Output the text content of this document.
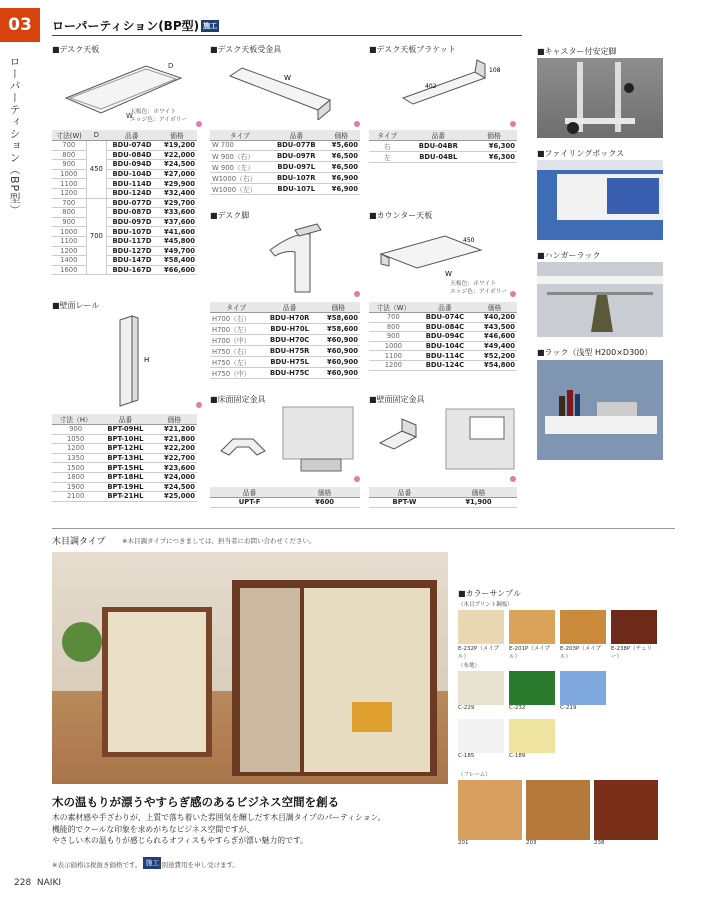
03
ローパーティション（BP型）
ローパーティション(BP型) 施工
■デスク天板
W
D
天板色：ホワイト
エッジ色：アイボリー
寸法(W)	D	品番	価格
700	450	BDU-074D	¥19,200
800		BDU-084D	¥22,000
900		BDU-094D	¥24,500
1000		BDU-104D	¥27,000
1100		BDU-114D	¥29,900
1200		BDU-124D	¥32,400
700	700	BDU-077D	¥29,700
800		BDU-087D	¥33,600
900		BDU-097D	¥37,600
1000		BDU-107D	¥41,600
1100		BDU-117D	¥45,800
1200		BDU-127D	¥49,700
1400		BDU-147D	¥58,400
1600		BDU-167D	¥66,600
■デスク天板受金具
W
タイプ	品番	価格
W 700	BDU-077B	¥5,600
W 900（右）	BDU-097R	¥6,500
W 900（左）	BDU-097L	¥6,500
W1000（右）	BDU-107R	¥6,900
W1000（左）	BDU-107L	¥6,900
■デスク天板ブラケット
402
108
タイプ	品番	価格
右	BDU-04BR	¥6,300
左	BDU-04BL	¥6,300
■デスク脚
タイプ	品番	価格
H700（右）	BDU-H70R	¥58,600
H700（左）	BDU-H70L	¥58,600
H700（中）	BDU-H70C	¥60,900
H750（右）	BDU-H75R	¥60,900
H750（左）	BDU-H75L	¥60,900
H750（中）	BDU-H75C	¥60,900
■カウンター天板
450
W
天板色：ホワイト
エッジ色：アイボリー
寸法（W）	品番	価格
700	BDU-074C	¥40,200
800	BDU-084C	¥43,500
900	BDU-094C	¥46,600
1000	BDU-104C	¥49,400
1100	BDU-114C	¥52,200
1200	BDU-124C	¥54,800
■壁面レール
H
寸法（H）	品番	価格
900	BPT-09HL	¥21,200
1050	BPT-10HL	¥21,800
1200	BPT-12HL	¥22,200
1350	BPT-13HL	¥22,700
1500	BPT-15HL	¥23,600
1800	BPT-18HL	¥24,000
1900	BPT-19HL	¥24,500
2100	BPT-21HL	¥25,000
■床面固定金具
品番	価格
UPT-F	¥600
■壁面固定金具
品番	価格
BPT-W	¥1,900
■キャスター付安定脚
■ファイリングボックス
■ハンガーラック
■ラック（浅型 H200×D300）
木目調タイプ	※木目調タイプにつきましては、担当者にお問い合わせください。
■カラーサンプル
（木目プリント鋼板）
E-232P（メイプル）
E-201P（メイプル）
E-203P（メイプル）
E-238P（チェリー）
（布地）
C-229	C-232	C-219
C-185	C-189
（フレーム）
201	203	238
木の温もりが漂うやすらぎ感のあるビジネス空間を創る
木の素材感や手ざわりが、上質で落ち着いた雰囲気を醸しだす木目調タイプのパーティション。
機能的でクールな印象を求めがちなビジネス空間ですが、
やさしい木の温もりが感じられるオフィスもやすらぎが漂い魅力的です。
※表示価格は税抜き価格です。 施工 別途費用を申し受けます。
228 NAIKI
